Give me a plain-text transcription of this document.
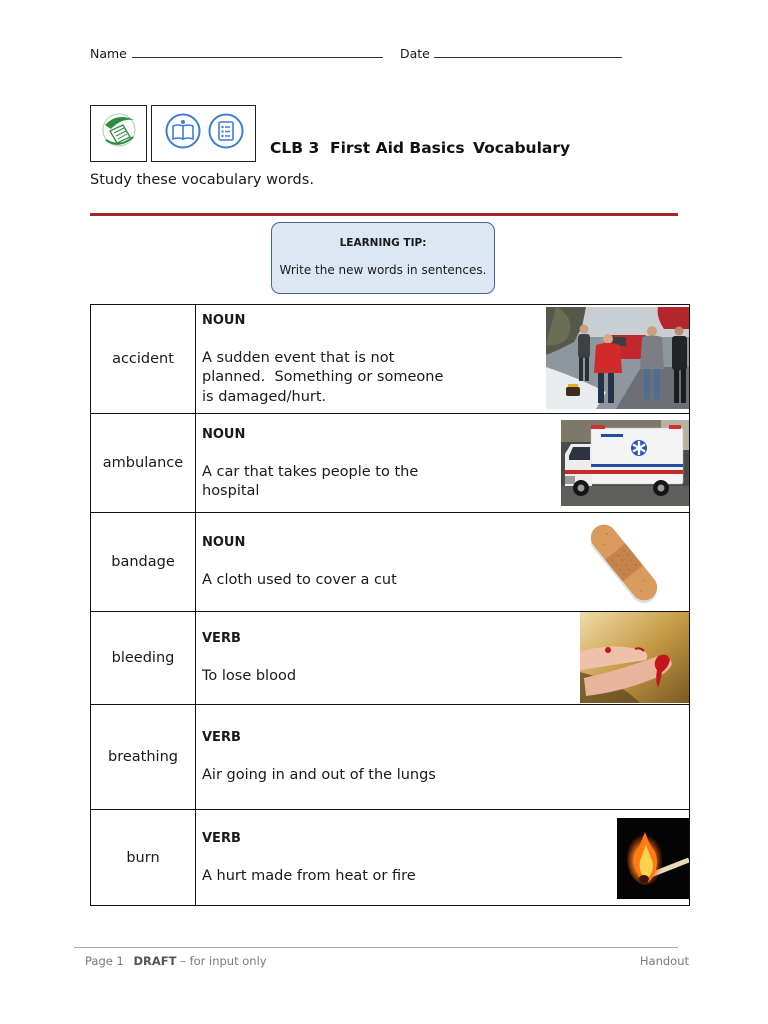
Name	Date
CLB 3 First Aid Basics Vocabulary
Study these vocabulary words.
LEARNING TIP:
Write the new words in sentences.
accident
NOUN
A sudden event that is not planned.  Something or someone is damaged/hurt.
ambulance
NOUN
A car that takes people to the hospital
bandage
NOUN
A cloth used to cover a cut
bleeding
VERB
To lose blood
breathing
VERB
Air going in and out of the lungs
burn
VERB
A hurt made from heat or fire
Page 1 DRAFT – for input only	Handout
